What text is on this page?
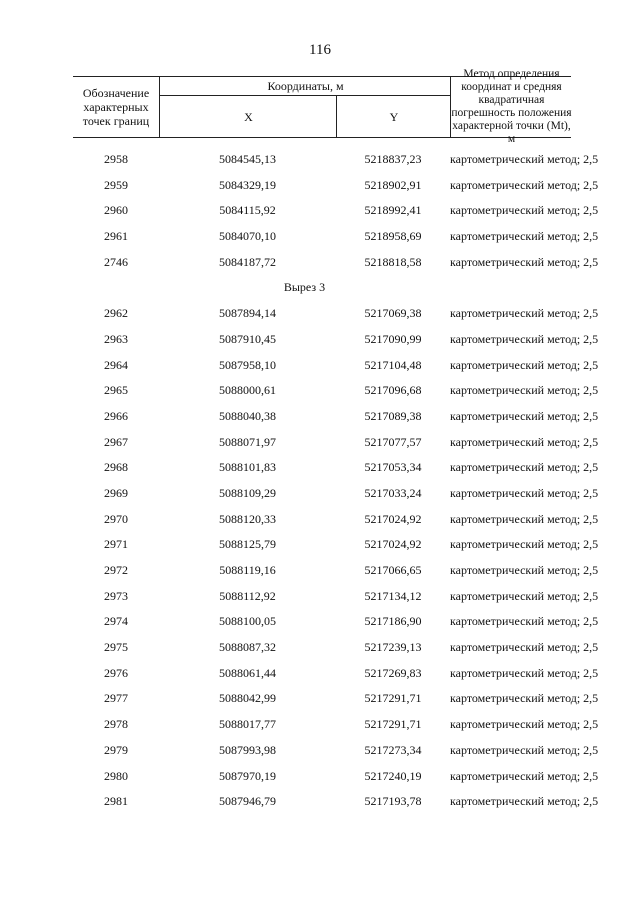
116
Обозначение характерных точек границ
Координаты, м
X	Y
Метод определения координат и средняя квадратичная погрешность положения характерной точки (Mt), м
2958	5084545,13	5218837,23	картометрический метод; 2,5
2959	5084329,19	5218902,91	картометрический метод; 2,5
2960	5084115,92	5218992,41	картометрический метод; 2,5
2961	5084070,10	5218958,69	картометрический метод; 2,5
2746	5084187,72	5218818,58	картометрический метод; 2,5
Вырез 3
2962	5087894,14	5217069,38	картометрический метод; 2,5
2963	5087910,45	5217090,99	картометрический метод; 2,5
2964	5087958,10	5217104,48	картометрический метод; 2,5
2965	5088000,61	5217096,68	картометрический метод; 2,5
2966	5088040,38	5217089,38	картометрический метод; 2,5
2967	5088071,97	5217077,57	картометрический метод; 2,5
2968	5088101,83	5217053,34	картометрический метод; 2,5
2969	5088109,29	5217033,24	картометрический метод; 2,5
2970	5088120,33	5217024,92	картометрический метод; 2,5
2971	5088125,79	5217024,92	картометрический метод; 2,5
2972	5088119,16	5217066,65	картометрический метод; 2,5
2973	5088112,92	5217134,12	картометрический метод; 2,5
2974	5088100,05	5217186,90	картометрический метод; 2,5
2975	5088087,32	5217239,13	картометрический метод; 2,5
2976	5088061,44	5217269,83	картометрический метод; 2,5
2977	5088042,99	5217291,71	картометрический метод; 2,5
2978	5088017,77	5217291,71	картометрический метод; 2,5
2979	5087993,98	5217273,34	картометрический метод; 2,5
2980	5087970,19	5217240,19	картометрический метод; 2,5
2981	5087946,79	5217193,78	картометрический метод; 2,5
